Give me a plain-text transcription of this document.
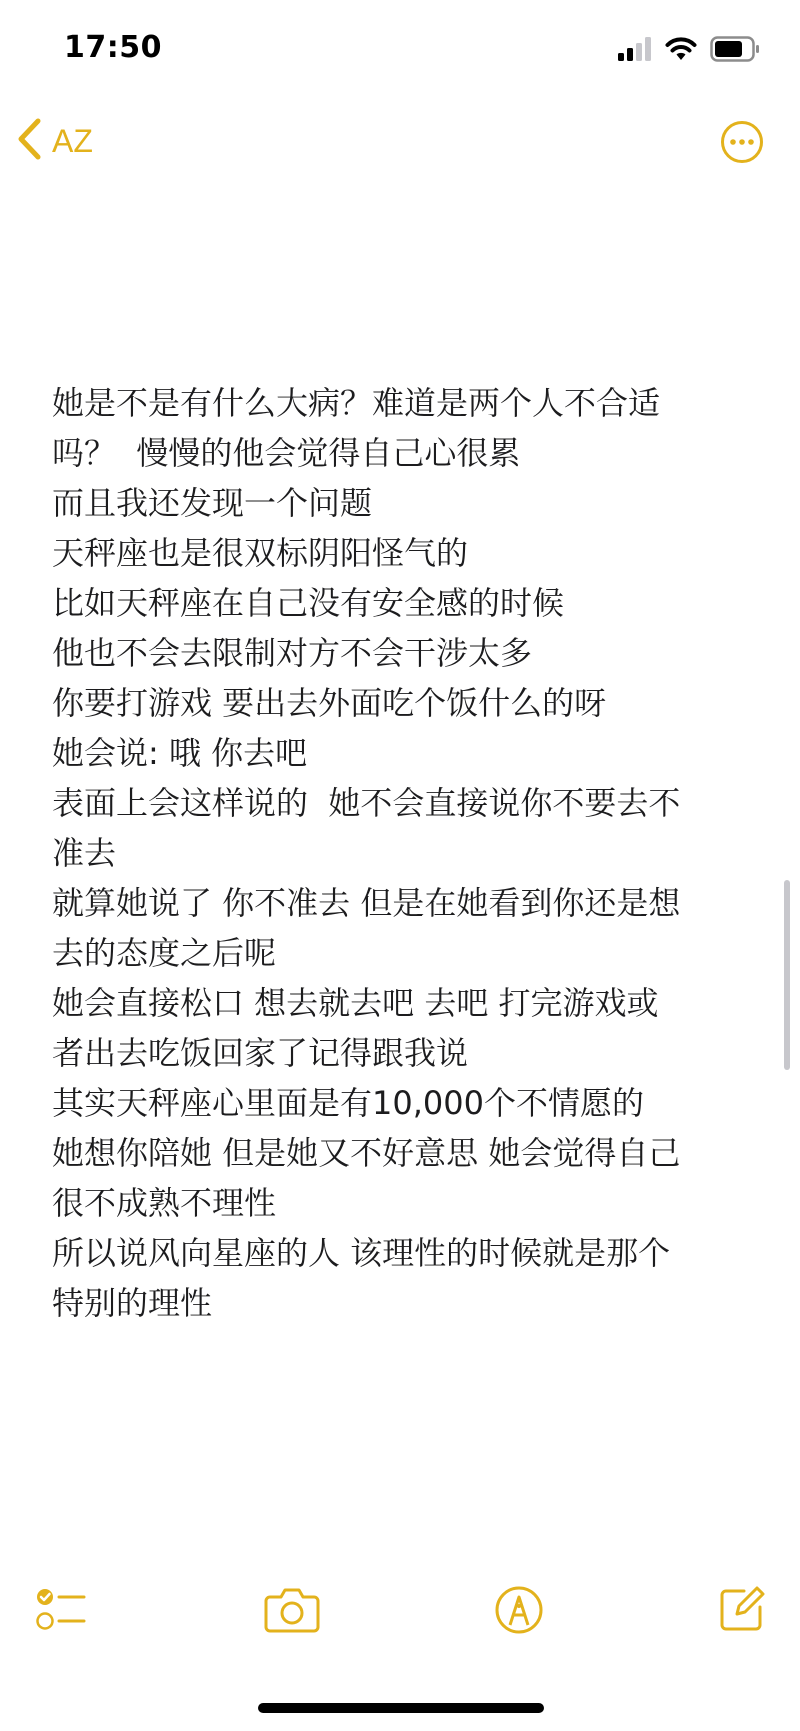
17:50
AZ
她是不是有什么大病？难道是两个人不合适
吗？  慢慢的他会觉得自己心很累
而且我还发现一个问题
天秤座也是很双标阴阳怪气的
比如天秤座在自己没有安全感的时候
他也不会去限制对方不会干涉太多
你要打游戏 要出去外面吃个饭什么的呀
她会说: 哦 你去吧
表面上会这样说的  她不会直接说你不要去不
准去
就算她说了 你不准去 但是在她看到你还是想
去的态度之后呢
她会直接松口 想去就去吧 去吧 打完游戏或
者出去吃饭回家了记得跟我说
其实天秤座心里面是有10,000个不情愿的
她想你陪她 但是她又不好意思 她会觉得自己
很不成熟不理性
所以说风向星座的人 该理性的时候就是那个
特别的理性
